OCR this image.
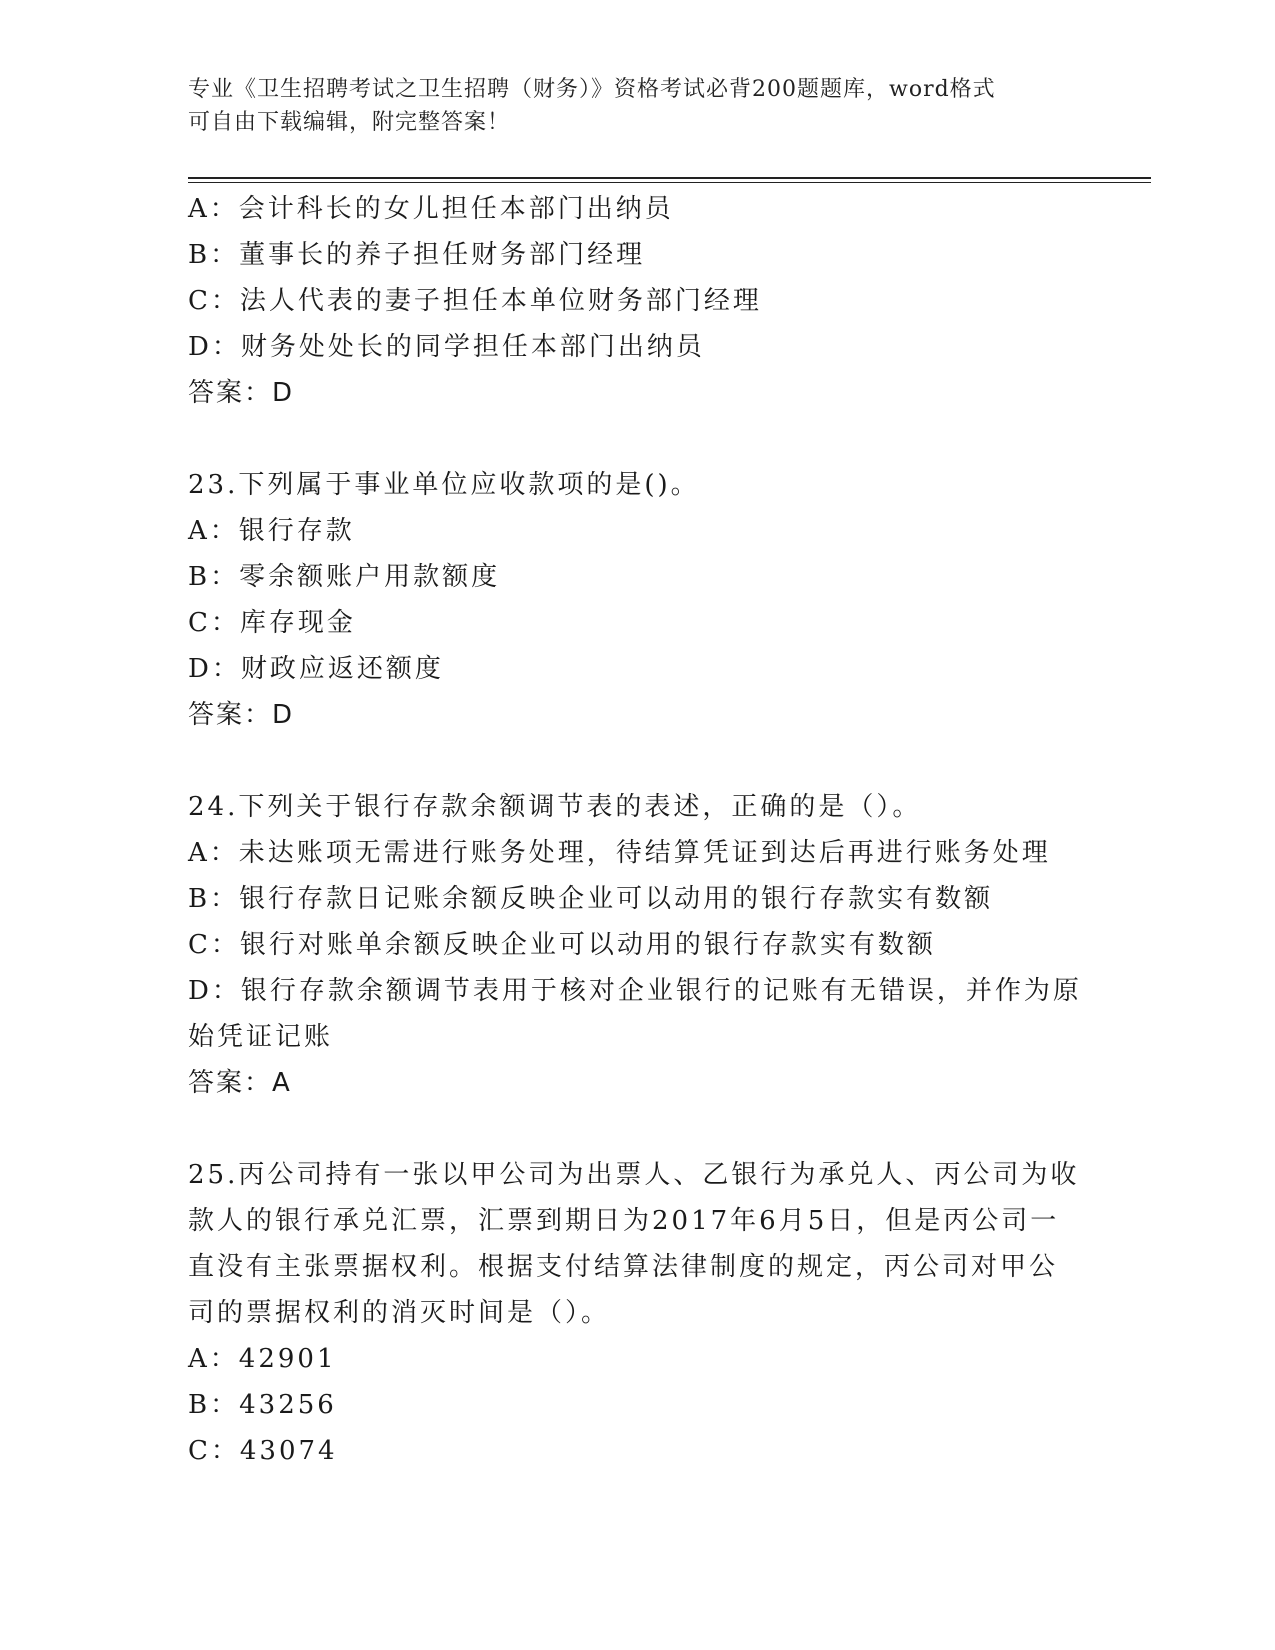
专业《卫生招聘考试之卫生招聘（财务）》资格考试必背200题题库，word格式
可自由下载编辑，附完整答案！
A：会计科长的女儿担任本部门出纳员
B：董事长的养子担任财务部门经理
C：法人代表的妻子担任本单位财务部门经理
D：财务处处长的同学担任本部门出纳员
答案：D
23.下列属于事业单位应收款项的是()。
A：银行存款
B：零余额账户用款额度
C：库存现金
D：财政应返还额度
答案：D
24.下列关于银行存款余额调节表的表述，正确的是（）。
A：未达账项无需进行账务处理，待结算凭证到达后再进行账务处理
B：银行存款日记账余额反映企业可以动用的银行存款实有数额
C：银行对账单余额反映企业可以动用的银行存款实有数额
D：银行存款余额调节表用于核对企业银行的记账有无错误，并作为原
始凭证记账
答案：A
25.丙公司持有一张以甲公司为出票人、乙银行为承兑人、丙公司为收
款人的银行承兑汇票，汇票到期日为2017年6月5日，但是丙公司一
直没有主张票据权利。根据支付结算法律制度的规定，丙公司对甲公
司的票据权利的消灭时间是（）。
A：42901
B：43256
C：43074
